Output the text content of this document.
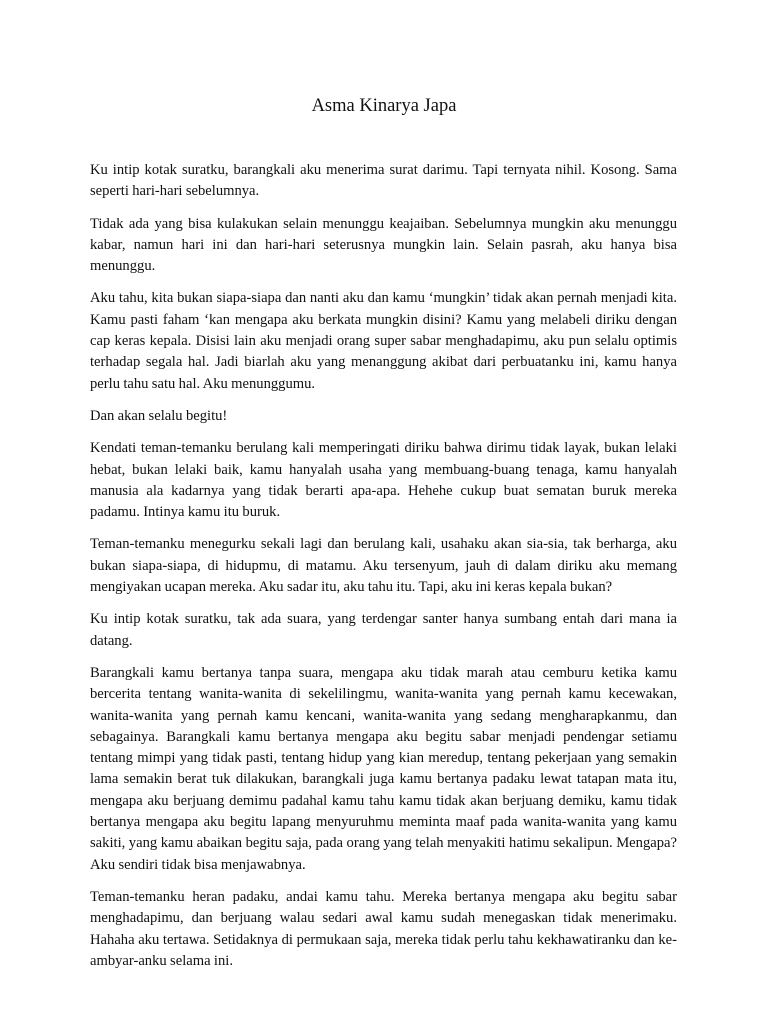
Asma Kinarya Japa

Ku intip kotak suratku, barangkali aku menerima surat darimu. Tapi ternyata nihil. Kosong. Sama seperti hari-hari sebelumnya.

Tidak ada yang bisa kulakukan selain menunggu keajaiban. Sebelumnya mungkin aku menunggu kabar, namun hari ini dan hari-hari seterusnya mungkin lain. Selain pasrah, aku hanya bisa menunggu.

Aku tahu, kita bukan siapa-siapa dan nanti aku dan kamu ‘mungkin’ tidak akan pernah menjadi kita. Kamu pasti faham ‘kan mengapa aku berkata mungkin disini? Kamu yang melabeli diriku dengan cap keras kepala. Disisi lain aku menjadi orang super sabar menghadapimu, aku pun selalu optimis terhadap segala hal. Jadi biarlah aku yang menanggung akibat dari perbuatanku ini, kamu hanya perlu tahu satu hal. Aku menunggumu.

Dan akan selalu begitu!

Kendati teman-temanku berulang kali memperingati diriku bahwa dirimu tidak layak, bukan lelaki hebat, bukan lelaki baik, kamu hanyalah usaha yang membuang-buang tenaga, kamu hanyalah manusia ala kadarnya yang tidak berarti apa-apa. Hehehe cukup buat sematan buruk mereka padamu. Intinya kamu itu buruk.

Teman-temanku menegurku sekali lagi dan berulang kali, usahaku akan sia-sia, tak berharga, aku bukan siapa-siapa, di hidupmu, di matamu. Aku tersenyum, jauh di dalam diriku aku memang mengiyakan ucapan mereka. Aku sadar itu, aku tahu itu. Tapi, aku ini keras kepala bukan?

Ku intip kotak suratku, tak ada suara, yang terdengar santer hanya sumbang entah dari mana ia datang.

Barangkali kamu bertanya tanpa suara, mengapa aku tidak marah atau cemburu ketika kamu bercerita tentang wanita-wanita di sekelilingmu, wanita-wanita yang pernah kamu kecewakan, wanita-wanita yang pernah kamu kencani, wanita-wanita yang sedang mengharapkanmu, dan sebagainya. Barangkali kamu bertanya mengapa aku begitu sabar menjadi pendengar setiamu tentang mimpi yang tidak pasti, tentang hidup yang kian meredup, tentang pekerjaan yang semakin lama semakin berat tuk dilakukan, barangkali juga kamu bertanya padaku lewat tatapan mata itu, mengapa aku berjuang demimu padahal kamu tahu kamu tidak akan berjuang demiku, kamu tidak bertanya mengapa aku begitu lapang menyuruhmu meminta maaf pada wanita-wanita yang kamu sakiti, yang kamu abaikan begitu saja, pada orang yang telah menyakiti hatimu sekalipun. Mengapa? Aku sendiri tidak bisa menjawabnya.

Teman-temanku heran padaku, andai kamu tahu. Mereka bertanya mengapa aku begitu sabar menghadapimu, dan berjuang walau sedari awal kamu sudah menegaskan tidak menerimaku. Hahaha aku tertawa. Setidaknya di permukaan saja, mereka tidak perlu tahu kekhawatiranku dan ke-ambyar-anku selama ini.
